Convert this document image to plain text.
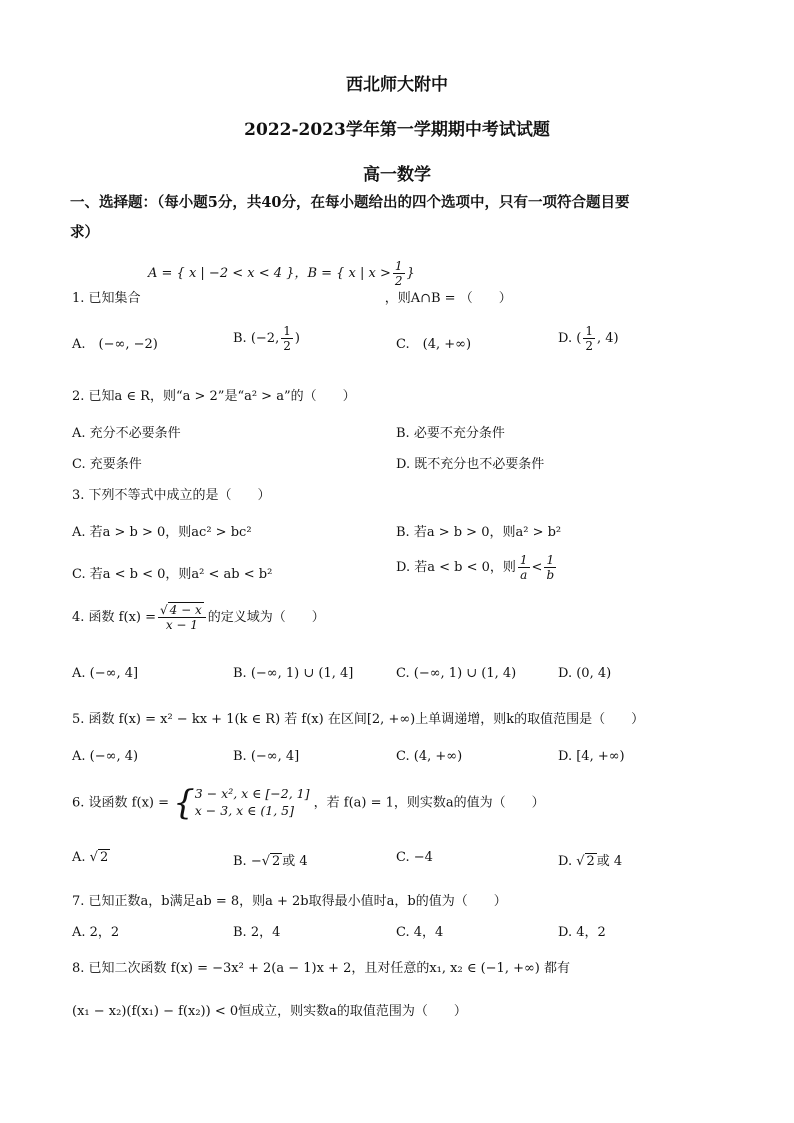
西北师大附中
2022-2023学年第一学期期中考试试题
高一数学
一、选择题：（每小题5分，共40分，在每小题给出的四个选项中，只有一项符合题目要
求）
A = { x | −2 < x < 4 }，B = { x | $x > \frac{1}{2}$ }
1. 已知集合	，则A∩B = （　　）
A.　(−∞, −2)	B. (−2, $\frac{1}{2}$ )	C.　(4, +∞)	D. ( $\frac{1}{2}$ , 4)
2. 已知a ∈ R，则“a > 2”是“a² > a”的（　　）
A. 充分不必要条件	B. 必要不充分条件
C. 充要条件	D. 既不充分也不必要条件
3. 下列不等式中成立的是（　　）
A. 若a > b > 0，则ac² > bc²	B. 若a > b > 0，则a² > b²
C. 若a < b < 0，则a² < ab < b²	D. 若a < b < 0，则 $\frac{1}{a} < \frac{1}{b}$
4. 函数 $f(x) = \frac{√ 4 - x}{x - 1}$ 的定义域为（　　）
A. (−∞, 4]	B. (−∞, 1) ∪ (1, 4]	C. (−∞, 1) ∪ (1, 4)	D. (0, 4)
5. 函数 f(x) = x² − kx + 1(k ∈ R) 若 f(x) 在区间[2, +∞)上单调递增，则k的取值范围是（　　）
A. (−∞, 4)	B. (−∞, 4]	C. (4, +∞)	D. [4, +∞)
6. 设函数 f(x) = { 3 − x², x ∈ [−2, 1]
x − 3, x ∈ (1, 5]	，若 f(a) = 1，则实数a的值为（　　）
A. √ 2	B. −√ 2 或 4	C. −4	D. √ 2 或 4
7. 已知正数a，b满足ab = 8，则a + 2b取得最小值时a，b的值为（　　）
A. 2，2	B. 2，4	C. 4，4	D. 4，2
8. 已知二次函数 f(x) = −3x² + 2(a − 1)x + 2，且对任意的x₁, x₂ ∈ (−1, +∞) 都有
(x₁ − x₂)(f(x₁) − f(x₂)) < 0恒成立，则实数a的取值范围为（　　）
